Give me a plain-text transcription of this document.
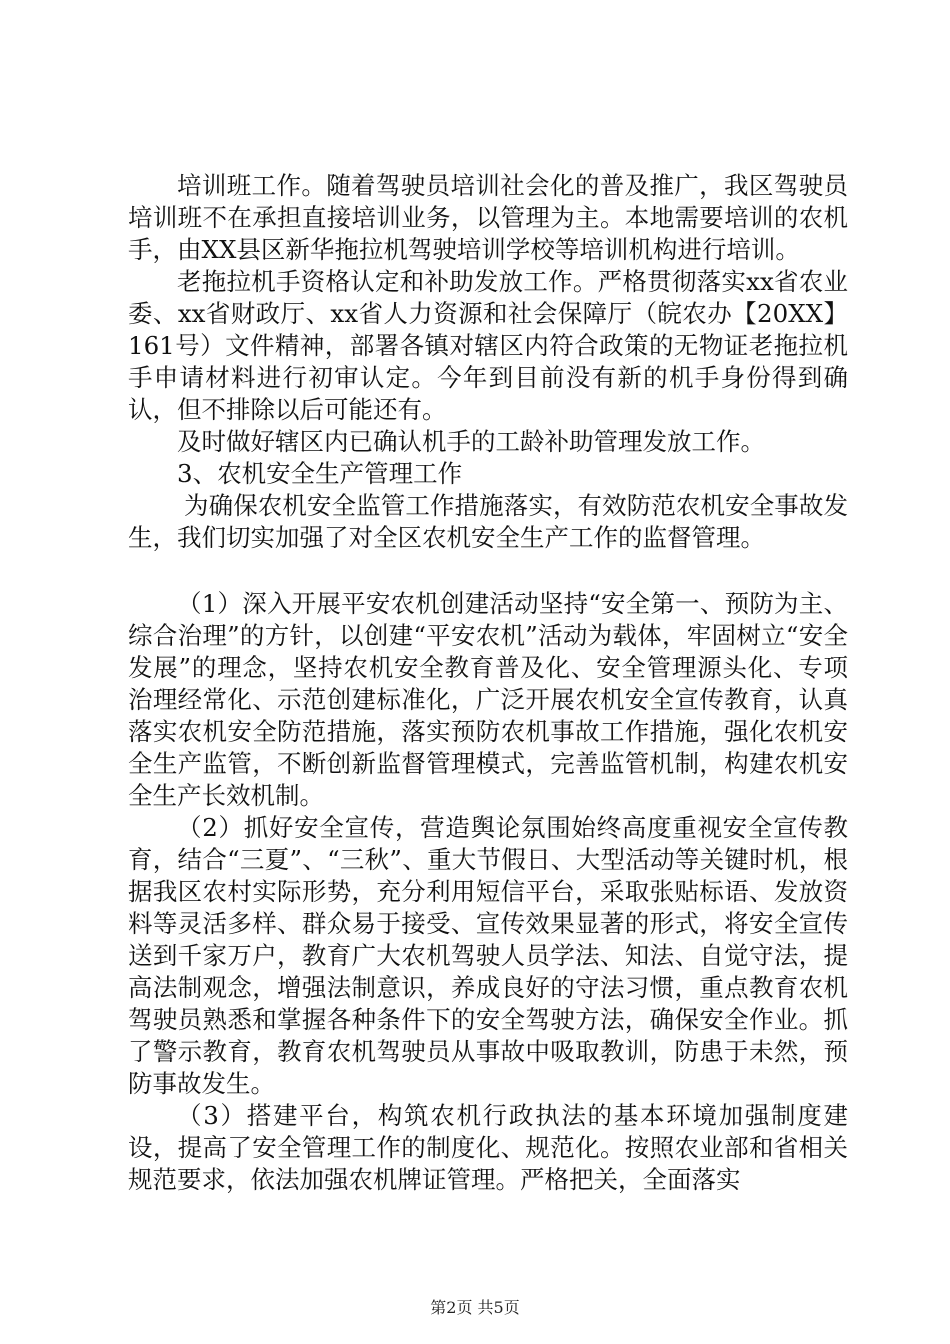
培训班工作。随着驾驶员培训社会化的普及推广，我区驾驶员培训班不在承担直接培训业务，以管理为主。本地需要培训的农机手，由XX县区新华拖拉机驾驶培训学校等培训机构进行培训。

老拖拉机手资格认定和补助发放工作。严格贯彻落实xx省农业委、xx省财政厅、xx省人力资源和社会保障厅（皖农办【20XX】161号）文件精神，部署各镇对辖区内符合政策的无物证老拖拉机手申请材料进行初审认定。今年到目前没有新的机手身份得到确认，但不排除以后可能还有。

及时做好辖区内已确认机手的工龄补助管理发放工作。

3、农机安全生产管理工作

为确保农机安全监管工作措施落实，有效防范农机安全事故发生，我们切实加强了对全区农机安全生产工作的监督管理。

（1）深入开展平安农机创建活动坚持“安全第一、预防为主、综合治理”的方针，以创建“平安农机”活动为载体，牢固树立“安全发展”的理念，坚持农机安全教育普及化、安全管理源头化、专项治理经常化、示范创建标准化，广泛开展农机安全宣传教育，认真落实农机安全防范措施，落实预防农机事故工作措施，强化农机安全生产监管，不断创新监督管理模式，完善监管机制，构建农机安全生产长效机制。

（2）抓好安全宣传，营造舆论氛围始终高度重视安全宣传教育，结合“三夏”、“三秋”、重大节假日、大型活动等关键时机，根据我区农村实际形势，充分利用短信平台，采取张贴标语、发放资料等灵活多样、群众易于接受、宣传效果显著的形式，将安全宣传送到千家万户，教育广大农机驾驶人员学法、知法、自觉守法，提高法制观念，增强法制意识，养成良好的守法习惯，重点教育农机驾驶员熟悉和掌握各种条件下的安全驾驶方法，确保安全作业。抓了警示教育，教育农机驾驶员从事故中吸取教训，防患于未然，预防事故发生。

（3）搭建平台，构筑农机行政执法的基本环境加强制度建设，提高了安全管理工作的制度化、规范化。按照农业部和省相关规范要求，依法加强农机牌证管理。严格把关，全面落实

第2页 共5页
